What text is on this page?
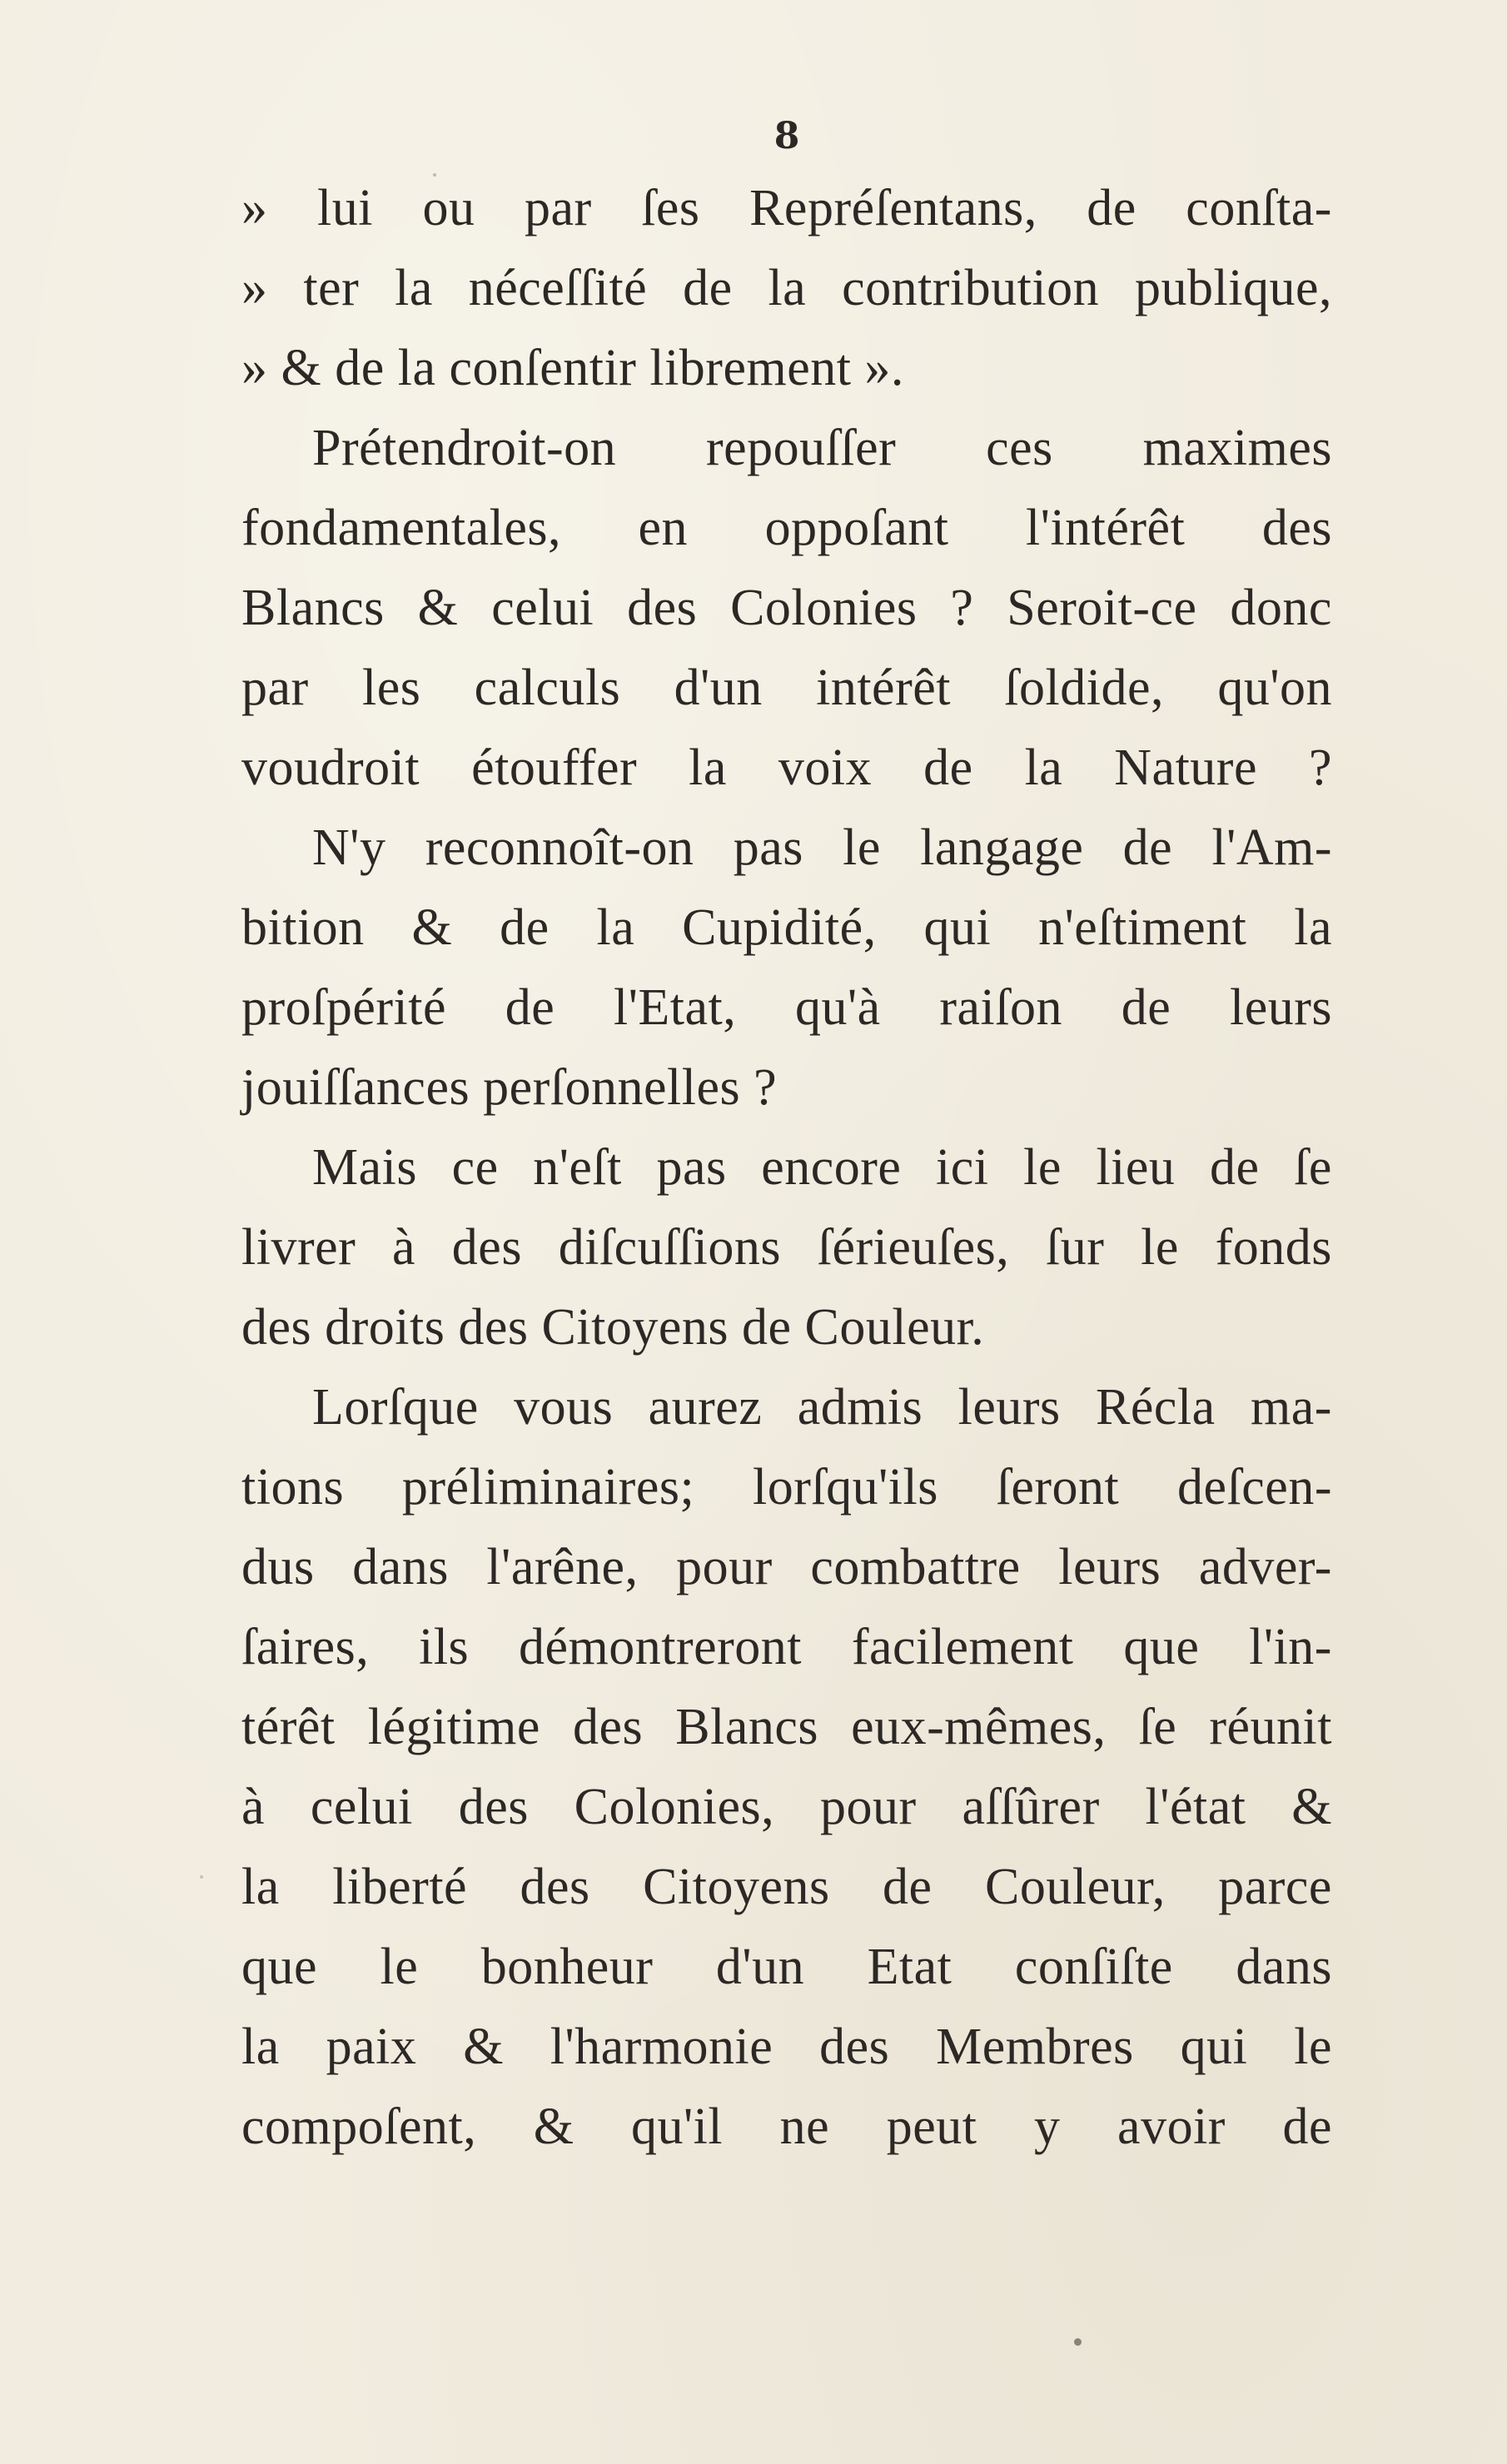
8
» lui ou par ſes Repréſentans, de conſta-
» ter la néceſſité de la contribution publique,
» & de la conſentir librement ».
Prétendroit-on repouſſer ces maximes
fondamentales, en oppoſant l'intérêt des
Blancs & celui des Colonies ? Seroit-ce donc
par les calculs d'un intérêt ſoldide, qu'on
voudroit étouffer la voix de la Nature ?
N'y reconnoît-on pas le langage de l'Am-
bition & de la Cupidité, qui n'eſtiment la
proſpérité de l'Etat, qu'à raiſon de leurs
jouiſſances perſonnelles ?
Mais ce n'eſt pas encore ici le lieu de ſe
livrer à des diſcuſſions ſérieuſes, ſur le fonds
des droits des Citoyens de Couleur.
Lorſque vous aurez admis leurs Récla ma-
tions préliminaires; lorſqu'ils ſeront deſcen-
dus dans l'arêne, pour combattre leurs adver-
ſaires, ils démontreront facilement que l'in-
térêt légitime des Blancs eux-mêmes, ſe réunit
à celui des Colonies, pour aſſûrer l'état &
la liberté des Citoyens de Couleur, parce
que le bonheur d'un Etat conſiſte dans
la paix & l'harmonie des Membres qui le
compoſent, & qu'il ne peut y avoir de
